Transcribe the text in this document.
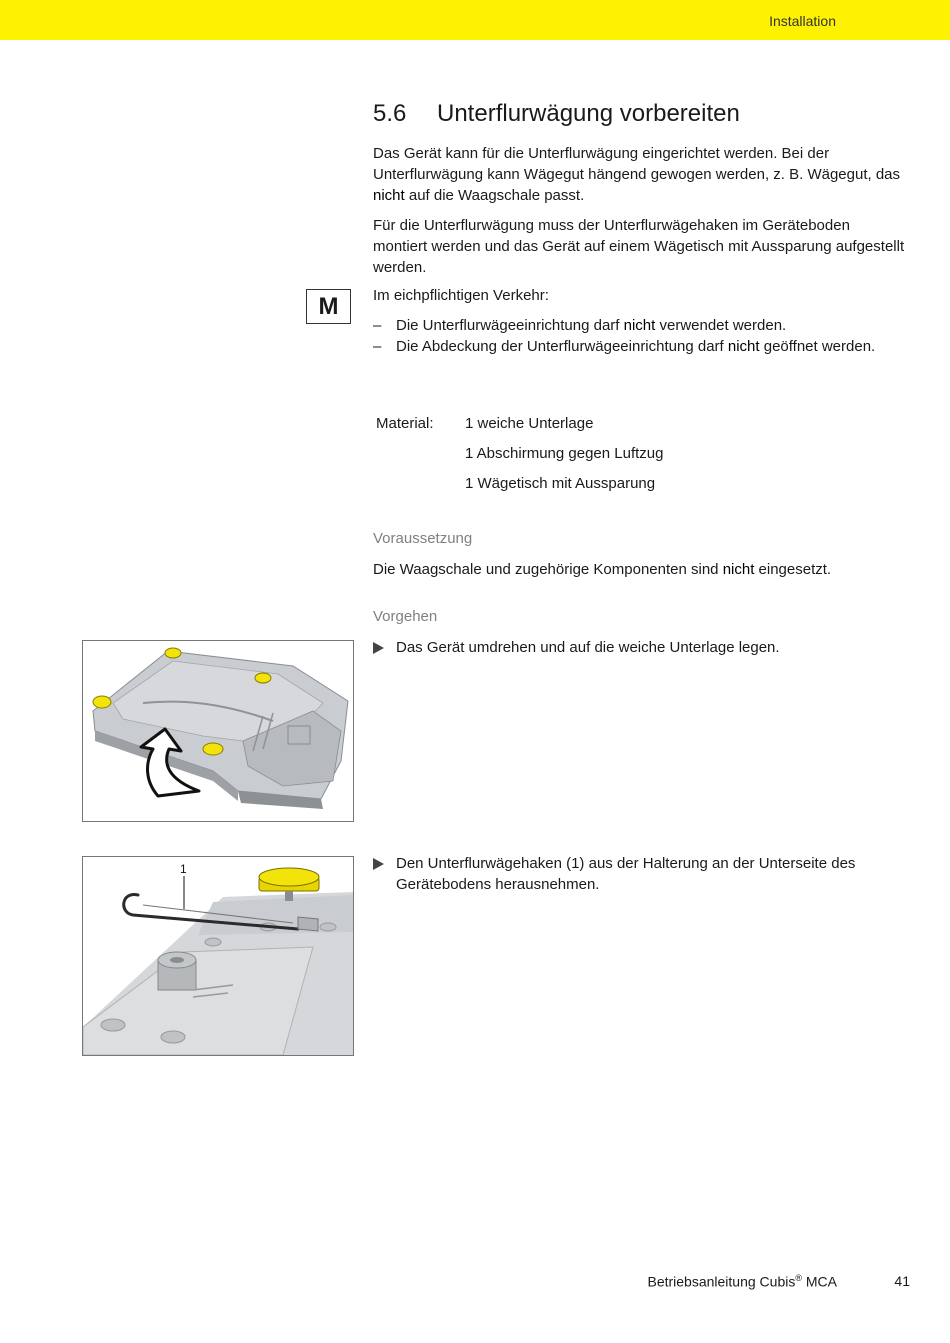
Installation
5.6 Unterflurwägung vorbereiten

Das Gerät kann für die Unterflurwägung eingerichtet werden. Bei der Unterflurwägung kann Wägegut hängend gewogen werden, z. B. Wägegut, das nicht auf die Waagschale passt.

Für die Unterflurwägung muss der Unterflurwägehaken im Geräteboden montiert werden und das Gerät auf einem Wägetisch mit Aussparung aufgestellt werden.

M	Im eichpflichtigen Verkehr:

– Die Unterflurwägeeinrichtung darf nicht verwendet werden.
– Die Abdeckung der Unterflurwägeeinrichtung darf nicht geöffnet werden.
Material: 1 weiche Unterlage
1 Abschirmung gegen Luftzug
1 Wägetisch mit Aussparung
Voraussetzung

Die Waagschale und zugehörige Komponenten sind nicht eingesetzt.

Vorgehen
Das Gerät umdrehen und auf die weiche Unterlage legen.
Den Unterflurwägehaken (1) aus der Halterung an der Unterseite des Gerätebodens herausnehmen.
1
Betriebsanleitung Cubis® MCA	41
